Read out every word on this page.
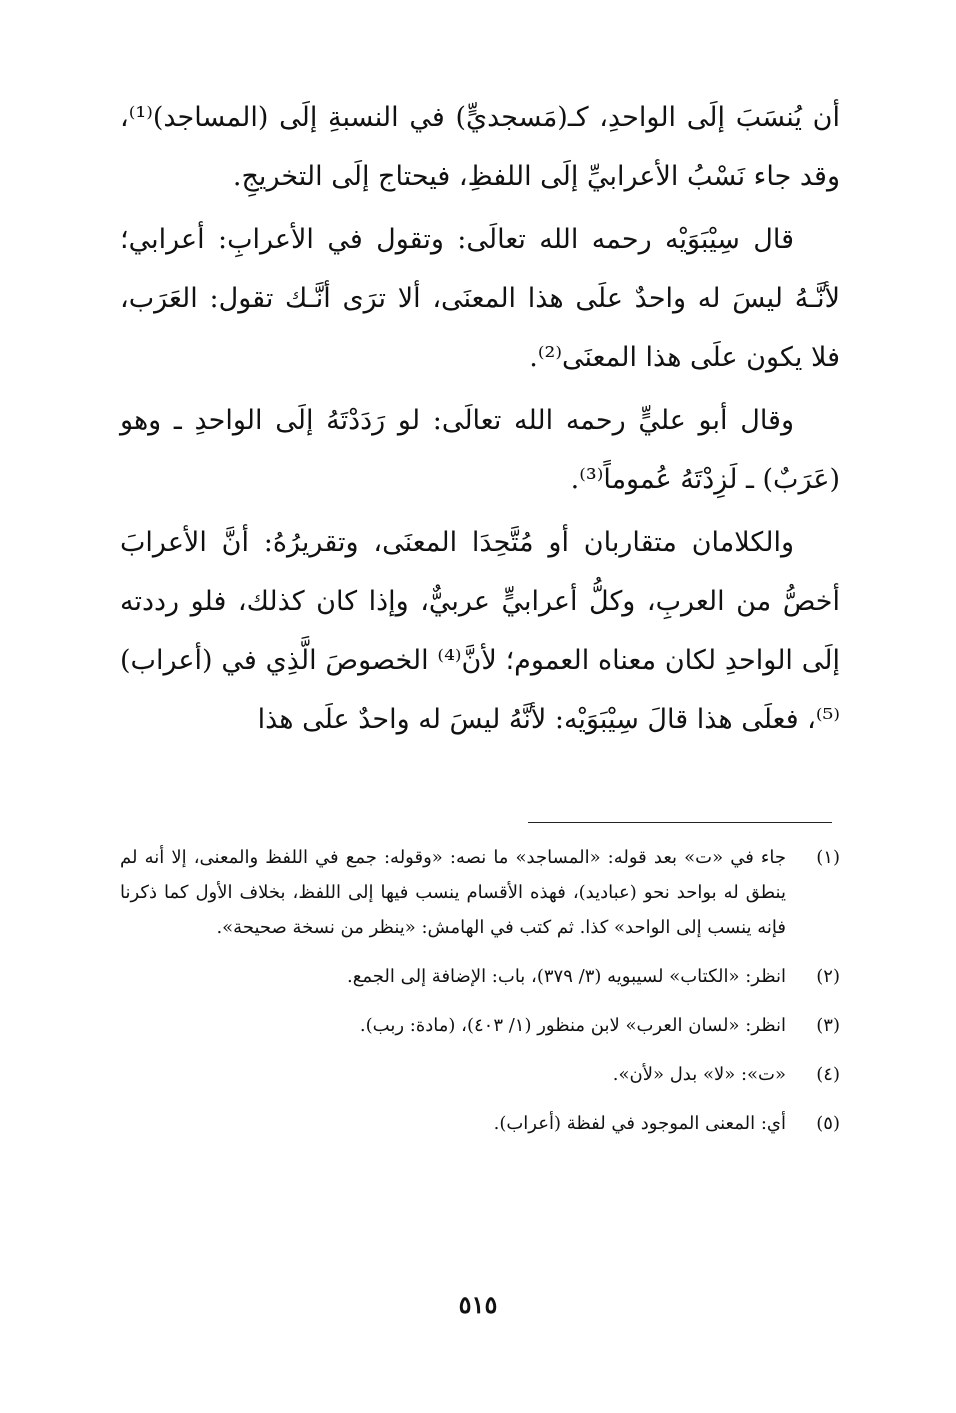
أن يُنسَبَ إلَى الواحدِ، كـ(مَسجديٍّ) في النسبةِ إلَى (المساجد)⁽¹⁾، وقد جاء نَسْبُ الأعرابيِّ إلَى اللفظِ، فيحتاج إلَى التخريجِ.

قال سِيْبَوَيْه رحمه الله تعالَى: وتقول في الأعرابِ: أعرابي؛ لأنَّـهُ ليسَ له واحدٌ علَى هذا المعنَى، ألا ترَى أنَّـك تقول: العَرَب، فلا يكون علَى هذا المعنَى⁽²⁾.

وقال أبو عليٍّ رحمه الله تعالَى: لو رَدَدْتَهُ إلَى الواحدِ ـ وهو (عَرَبٌ) ـ لَزِدْتَهُ عُموماً⁽³⁾.

والكلامان متقاربان أو مُتَّحِدَا المعنَى، وتقريرُهُ: أنَّ الأعرابَ أخصُّ من العربِ، وكلُّ أعرابيٍّ عربيٌّ، وإذا كان كذلك، فلو رددته إلَى الواحدِ لكان معناه العموم؛ لأنَّ⁽⁴⁾ الخصوصَ الَّذِي في (أعراب)⁽⁵⁾، فعلَى هذا قالَ سِيْبَوَيْه: لأنَّهُ ليسَ له واحدٌ علَى هذا

(١)
جاء في «ت» بعد قوله: «المساجد» ما نصه: «وقوله: جمع في اللفظ والمعنى، إلا أنه لم ينطق له بواحد نحو (عباديد)، فهذه الأقسام ينسب فيها إلى اللفظ، بخلاف الأول كما ذكرنا فإنه ينسب إلى الواحد» كذا. ثم كتب في الهامش: «ينظر من نسخة صحيحة».
(٢)
انظر: «الكتاب» لسيبويه (٣/ ٣٧٩)، باب: الإضافة إلى الجمع.
(٣)
انظر: «لسان العرب» لابن منظور (١/ ٤٠٣)، (مادة: ربب).
(٤)
«ت»: «لا» بدل «لأن».
(٥)
أي: المعنى الموجود في لفظة (أعراب).
٥١٥
